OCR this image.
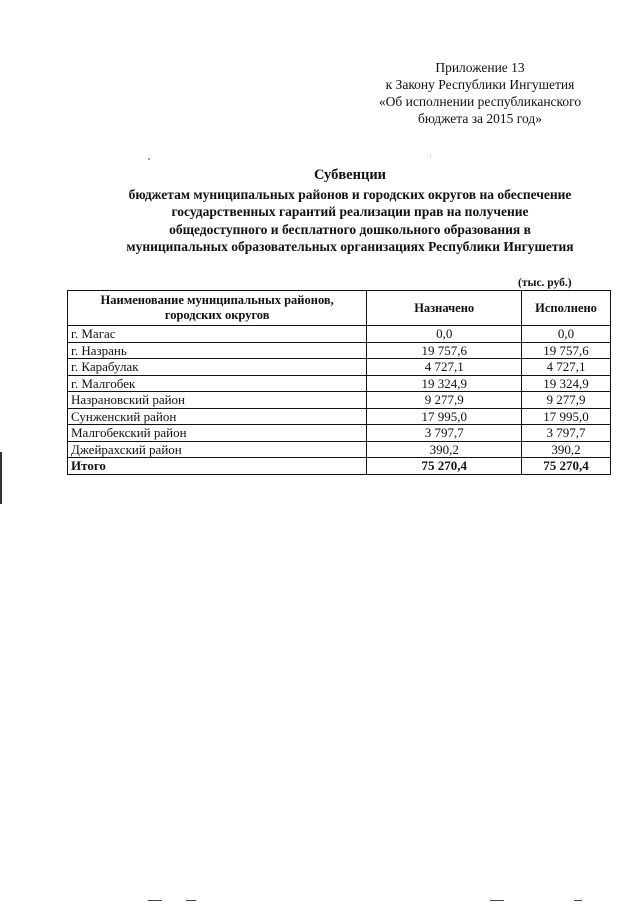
Приложение 13
к Закону Республики Ингушетия
«Об исполнении республиканского
бюджета за 2015 год»
Субвенции
бюджетам муниципальных районов и городских округов на обеспечение
государственных гарантий реализации прав на получение
общедоступного и бесплатного дошкольного образования в
муниципальных образовательных организациях Республики Ингушетия
(тыс. руб.)
Наименование муниципальных районов,
городских округов	Назначено	Исполнено
г. Магас	0,0	0,0
г. Назрань	19 757,6	19 757,6
г. Карабулак	4 727,1	4 727,1
г. Малгобек	19 324,9	19 324,9
Назрановский район	9 277,9	9 277,9
Сунженский район	17 995,0	17 995,0
Малгобекский район	3 797,7	3 797,7
Джейрахский район	390,2	390,2
Итого	75 270,4	75 270,4
